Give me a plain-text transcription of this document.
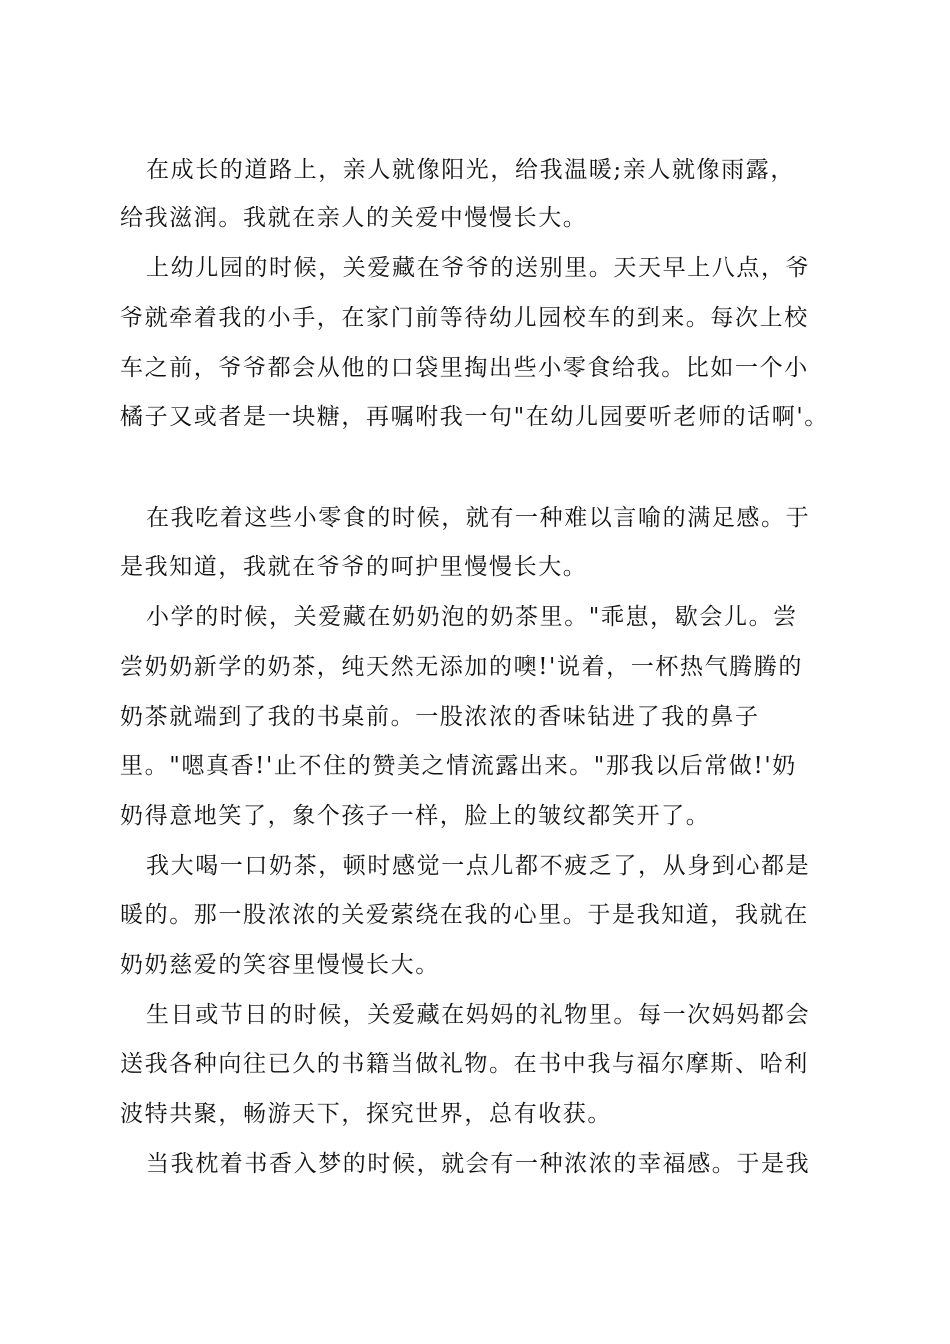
在成长的道路上，亲人就像阳光，给我温暖;亲人就像雨露，

给我滋润。我就在亲人的关爱中慢慢长大。

上幼儿园的时候，关爱藏在爷爷的送别里。天天早上八点，爷

爷就牵着我的小手，在家门前等待幼儿园校车的到来。每次上校

车之前，爷爷都会从他的口袋里掏出些小零食给我。比如一个小

橘子又或者是一块糖，再嘱咐我一句"在幼儿园要听老师的话啊'。

在我吃着这些小零食的时候，就有一种难以言喻的满足感。于

是我知道，我就在爷爷的呵护里慢慢长大。

小学的时候，关爱藏在奶奶泡的奶茶里。"乖崽，歇会儿。尝

尝奶奶新学的奶茶，纯天然无添加的噢!'说着，一杯热气腾腾的

奶茶就端到了我的书桌前。一股浓浓的香味钻进了我的鼻子

里。"嗯真香!'止不住的赞美之情流露出来。"那我以后常做!'奶

奶得意地笑了，象个孩子一样，脸上的皱纹都笑开了。

我大喝一口奶茶，顿时感觉一点儿都不疲乏了，从身到心都是

暖的。那一股浓浓的关爱萦绕在我的心里。于是我知道，我就在

奶奶慈爱的笑容里慢慢长大。

生日或节日的时候，关爱藏在妈妈的礼物里。每一次妈妈都会

送我各种向往已久的书籍当做礼物。在书中我与福尔摩斯、哈利

波特共聚，畅游天下，探究世界，总有收获。

当我枕着书香入梦的时候，就会有一种浓浓的幸福感。于是我
